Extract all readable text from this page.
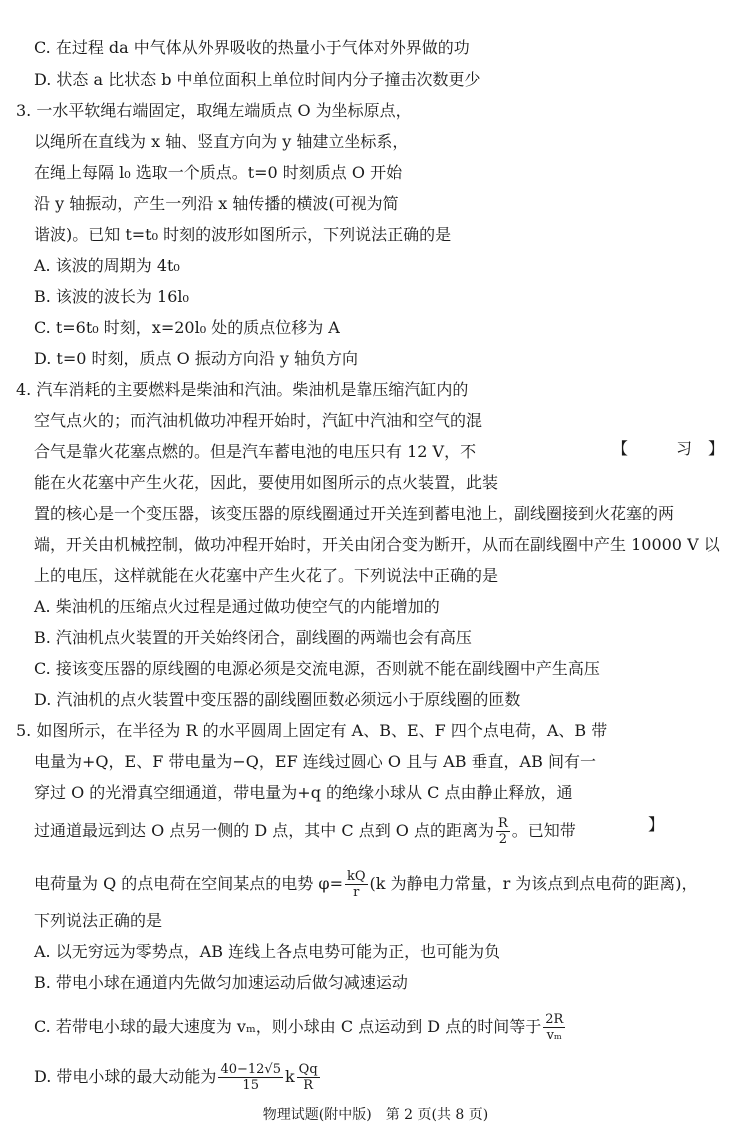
C. 在过程 da 中气体从外界吸收的热量小于气体对外界做的功
D. 状态 a 比状态 b 中单位面积上单位时间内分子撞击次数更少
3. 一水平软绳右端固定，取绳左端质点 O 为坐标原点，
以绳所在直线为 x 轴、竖直方向为 y 轴建立坐标系，
在绳上每隔 l₀ 选取一个质点。t=0 时刻质点 O 开始
沿 y 轴振动，产生一列沿 x 轴传播的横波(可视为简
谐波)。已知 t=t₀ 时刻的波形如图所示，下列说法正确的是
A. 该波的周期为 4t₀
B. 该波的波长为 16l₀
C. t=6t₀ 时刻，x=20l₀ 处的质点位移为 A
D. t=0 时刻，质点 O 振动方向沿 y 轴负方向
4. 汽车消耗的主要燃料是柴油和汽油。柴油机是靠压缩汽缸内的
空气点火的；而汽油机做功冲程开始时，汽缸中汽油和空气的混
合气是靠火花塞点燃的。但是汽车蓄电池的电压只有 12 V，不	【　　　习　】
能在火花塞中产生火花，因此，要使用如图所示的点火装置，此装
置的核心是一个变压器，该变压器的原线圈通过开关连到蓄电池上，副线圈接到火花塞的两
端，开关由机械控制，做功冲程开始时，开关由闭合变为断开，从而在副线圈中产生 10000 V 以
上的电压，这样就能在火花塞中产生火花了。下列说法中正确的是
A. 柴油机的压缩点火过程是通过做功使空气的内能增加的
B. 汽油机点火装置的开关始终闭合，副线圈的两端也会有高压
C. 接该变压器的原线圈的电源必须是交流电源，否则就不能在副线圈中产生高压
D. 汽油机的点火装置中变压器的副线圈匝数必须远小于原线圈的匝数
5. 如图所示，在半径为 R 的水平圆周上固定有 A、B、E、F 四个点电荷，A、B 带
电量为+Q，E、F 带电量为−Q，EF 连线过圆心 O 且与 AB 垂直，AB 间有一
穿过 O 的光滑真空细通道，带电量为+q 的绝缘小球从 C 点由静止释放，通
过通道最远到达 O 点另一侧的 D 点，其中 C 点到 O 点的距离为 $\frac{R}{2}$ 。已知带	】
电荷量为 Q 的点电荷在空间某点的电势 $\varphi= \frac{kQ}{r} (k$ 为静电力常量，r 为该点到点电荷的距离)，
下列说法正确的是
A. 以无穷远为零势点，AB 连线上各点电势可能为正，也可能为负
B. 带电小球在通道内先做匀加速运动后做匀减速运动
C. 若带电小球的最大速度为 vₘ，则小球由 C 点运动到 D 点的时间等于 $\frac{2R}{\text{vₘ}}$
D. 带电小球的最大动能为 $\frac{40-12√5}{15}$ k $\frac{Qq}{R}$
物理试题(附中版)　第 2 页(共 8 页)
